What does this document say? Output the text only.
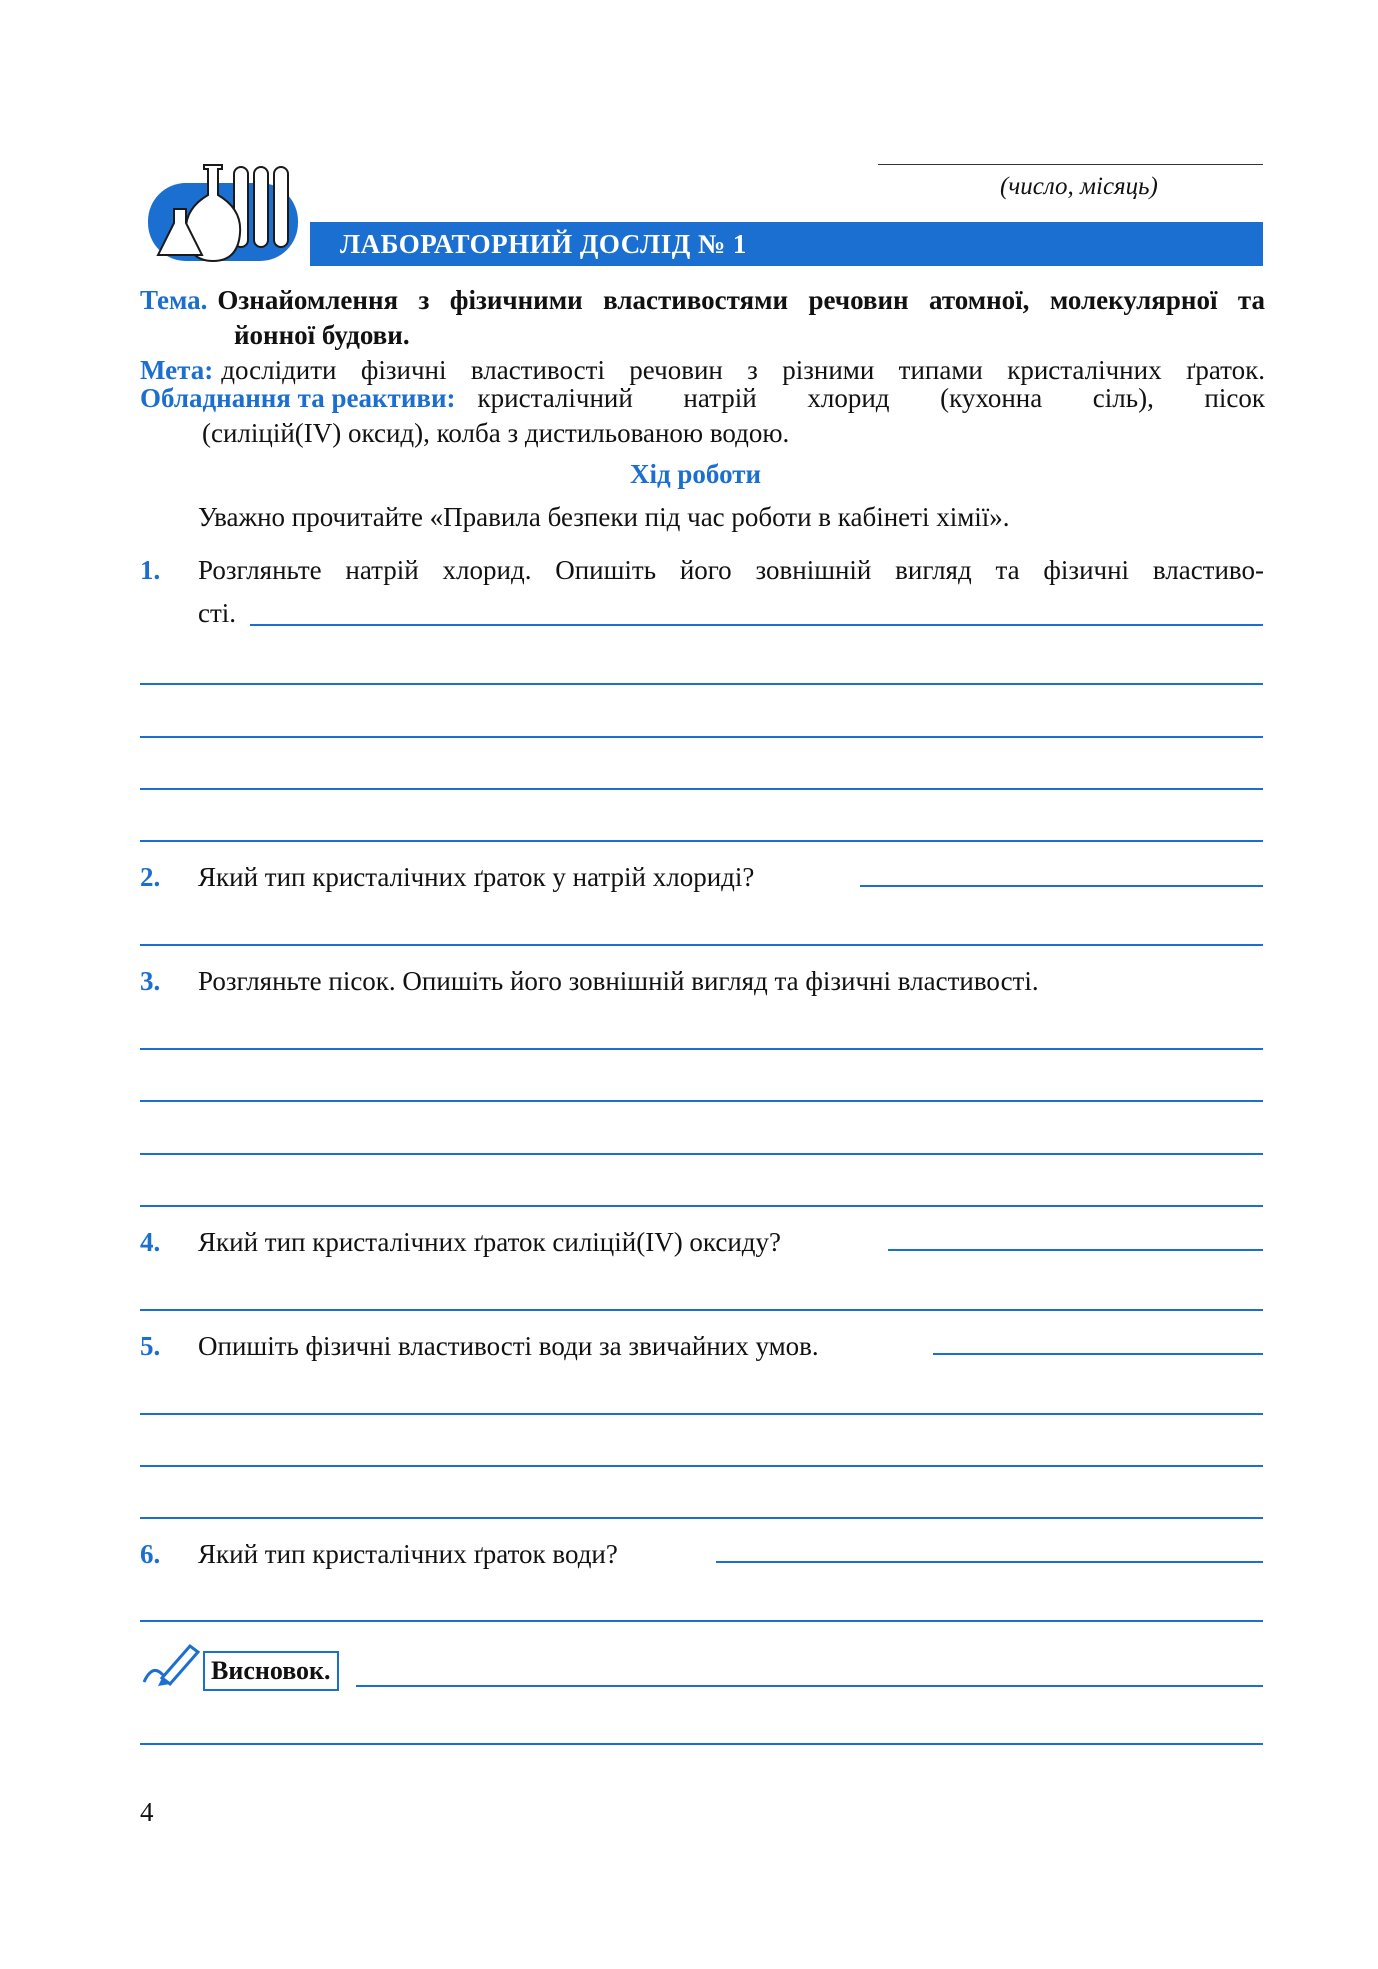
(число, місяць)
ЛАБОРАТОРНИЙ ДОСЛІД № 1
Тема. Ознайомлення з фізичними властивостями речовин атомної, молекулярної та
йонної будови.
Мета: дослідити фізичні властивості речовин з різними типами кристалічних ґраток.
Обладнання та реактиви: кристалічний натрій хлорид (кухонна сіль), пісок
(силіцій(IV) оксид), колба з дистильованою водою.
Хід роботи
Уважно прочитайте «Правила безпеки під час роботи в кабінеті хімії».
1. Розгляньте натрій хлорид. Опишіть його зовнішній вигляд та фізичні властиво-
сті.
2. Який тип кристалічних ґраток у натрій хлориді?
3. Розгляньте пісок. Опишіть його зовнішній вигляд та фізичні властивості.
4. Який тип кристалічних ґраток силіцій(IV) оксиду?
5. Опишіть фізичні властивості води за звичайних умов.
6. Який тип кристалічних ґраток води?
Висновок.
4
